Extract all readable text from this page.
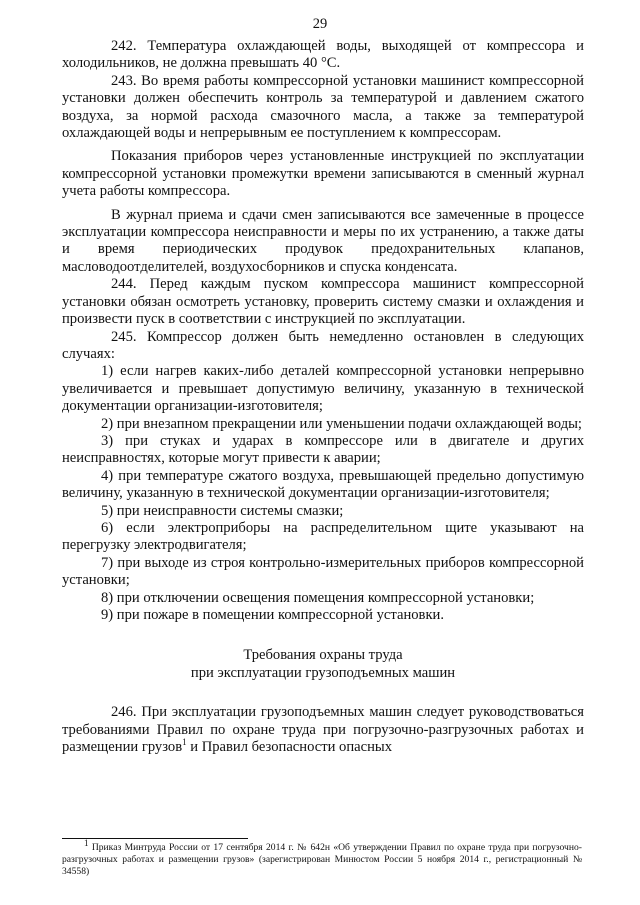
29

242. Температура охлаждающей воды, выходящей от компрессора и холодильников, не должна превышать 40 °С.

243. Во время работы компрессорной установки машинист компрессорной установки должен обеспечить контроль за температурой и давлением сжатого воздуха, за нормой расхода смазочного масла, а также за температурой охлаждающей воды и непрерывным ее поступлением к компрессорам.

Показания приборов через установленные инструкцией по эксплуатации компрессорной установки промежутки времени записываются в сменный журнал учета работы компрессора.

В журнал приема и сдачи смен записываются все замеченные в процессе эксплуатации компрессора неисправности и меры по их устранению, а также даты и время периодических продувок предохранительных клапанов, масловодоотделителей, воздухосборников и спуска конденсата.

244. Перед каждым пуском компрессора машинист компрессорной установки обязан осмотреть установку, проверить систему смазки и охлаждения и произвести пуск в соответствии с инструкцией по эксплуатации.

245. Компрессор должен быть немедленно остановлен в следующих случаях:

1) если нагрев каких-либо деталей компрессорной установки непрерывно увеличивается и превышает допустимую величину, указанную в технической документации организации-изготовителя;

2) при внезапном прекращении или уменьшении подачи охлаждающей воды;

3) при стуках и ударах в компрессоре или в двигателе и других неисправностях, которые могут привести к аварии;

4) при температуре сжатого воздуха, превышающей предельно допустимую величину, указанную в технической документации организации-изготовителя;

5) при неисправности системы смазки;

6) если электроприборы на распределительном щите указывают на перегрузку электродвигателя;

7) при выходе из строя контрольно-измерительных приборов компрессорной установки;

8) при отключении освещения помещения компрессорной установки;

9) при пожаре в помещении компрессорной установки.

Требования охраны труда
при эксплуатации грузоподъемных машин

246. При эксплуатации грузоподъемных машин следует руководствоваться требованиями Правил по охране труда при погрузочно-разгрузочных работах и размещении грузов$^1$ и Правил безопасности опасных

$^1$ Приказ Минтруда России от 17 сентября 2014 г. № 642н «Об утверждении Правил по охране труда при погрузочно-разгрузочных работах и размещении грузов» (зарегистрирован Минюстом России 5 ноября 2014 г., регистрационный № 34558)
